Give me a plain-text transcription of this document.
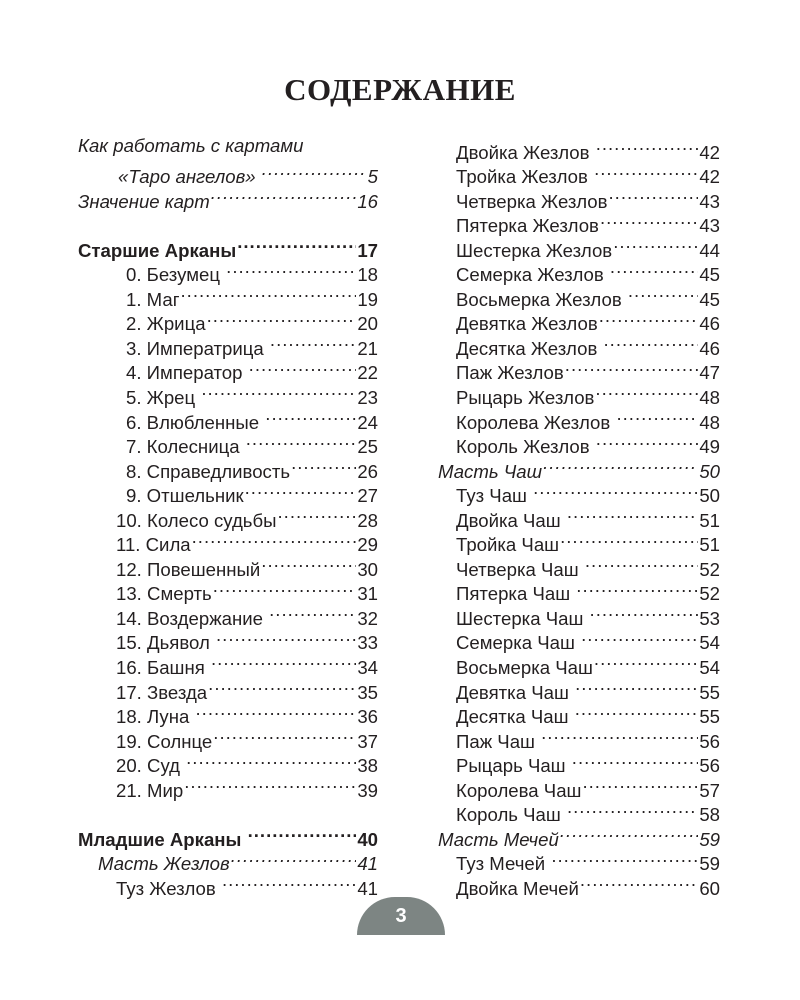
СОДЕРЖАНИЕ
Как работать с картами
«Таро ангелов» .....	5
Значение карт .....	16
Старшие Арканы .....	17
0. Безумец .....	18
1. Маг .....	19
2. Жрица .....	20
3. Императрица .....	21
4. Император .....	22
5. Жрец .....	23
6. Влюбленные .....	24
7. Колесница .....	25
8. Справедливость .....	26
9. Отшельник .....	27
10. Колесо судьбы .....	28
11. Сила .....	29
12. Повешенный .....	30
13. Смерть .....	31
14. Воздержание .....	32
15. Дьявол .....	33
16. Башня .....	34
17. Звезда .....	35
18. Луна .....	36
19. Солнце .....	37
20. Суд .....	38
21. Мир .....	39
Младшие Арканы .....	40
Масть Жезлов .....	41
Туз Жезлов .....	41
Двойка Жезлов .....	42
Тройка Жезлов .....	42
Четверка Жезлов .....	43
Пятерка Жезлов .....	43
Шестерка Жезлов .....	44
Семерка Жезлов .....	45
Восьмерка Жезлов .....	45
Девятка Жезлов .....	46
Десятка Жезлов .....	46
Паж Жезлов .....	47
Рыцарь Жезлов .....	48
Королева Жезлов .....	48
Король Жезлов .....	49
Масть Чаш .....	50
Туз Чаш .....	50
Двойка Чаш .....	51
Тройка Чаш .....	51
Четверка Чаш .....	52
Пятерка Чаш .....	52
Шестерка Чаш .....	53
Семерка Чаш .....	54
Восьмерка Чаш .....	54
Девятка Чаш .....	55
Десятка Чаш .....	55
Паж Чаш .....	56
Рыцарь Чаш .....	56
Королева Чаш .....	57
Король Чаш .....	58
Масть Мечей .....	59
Туз Мечей .....	59
Двойка Мечей .....	60
3
